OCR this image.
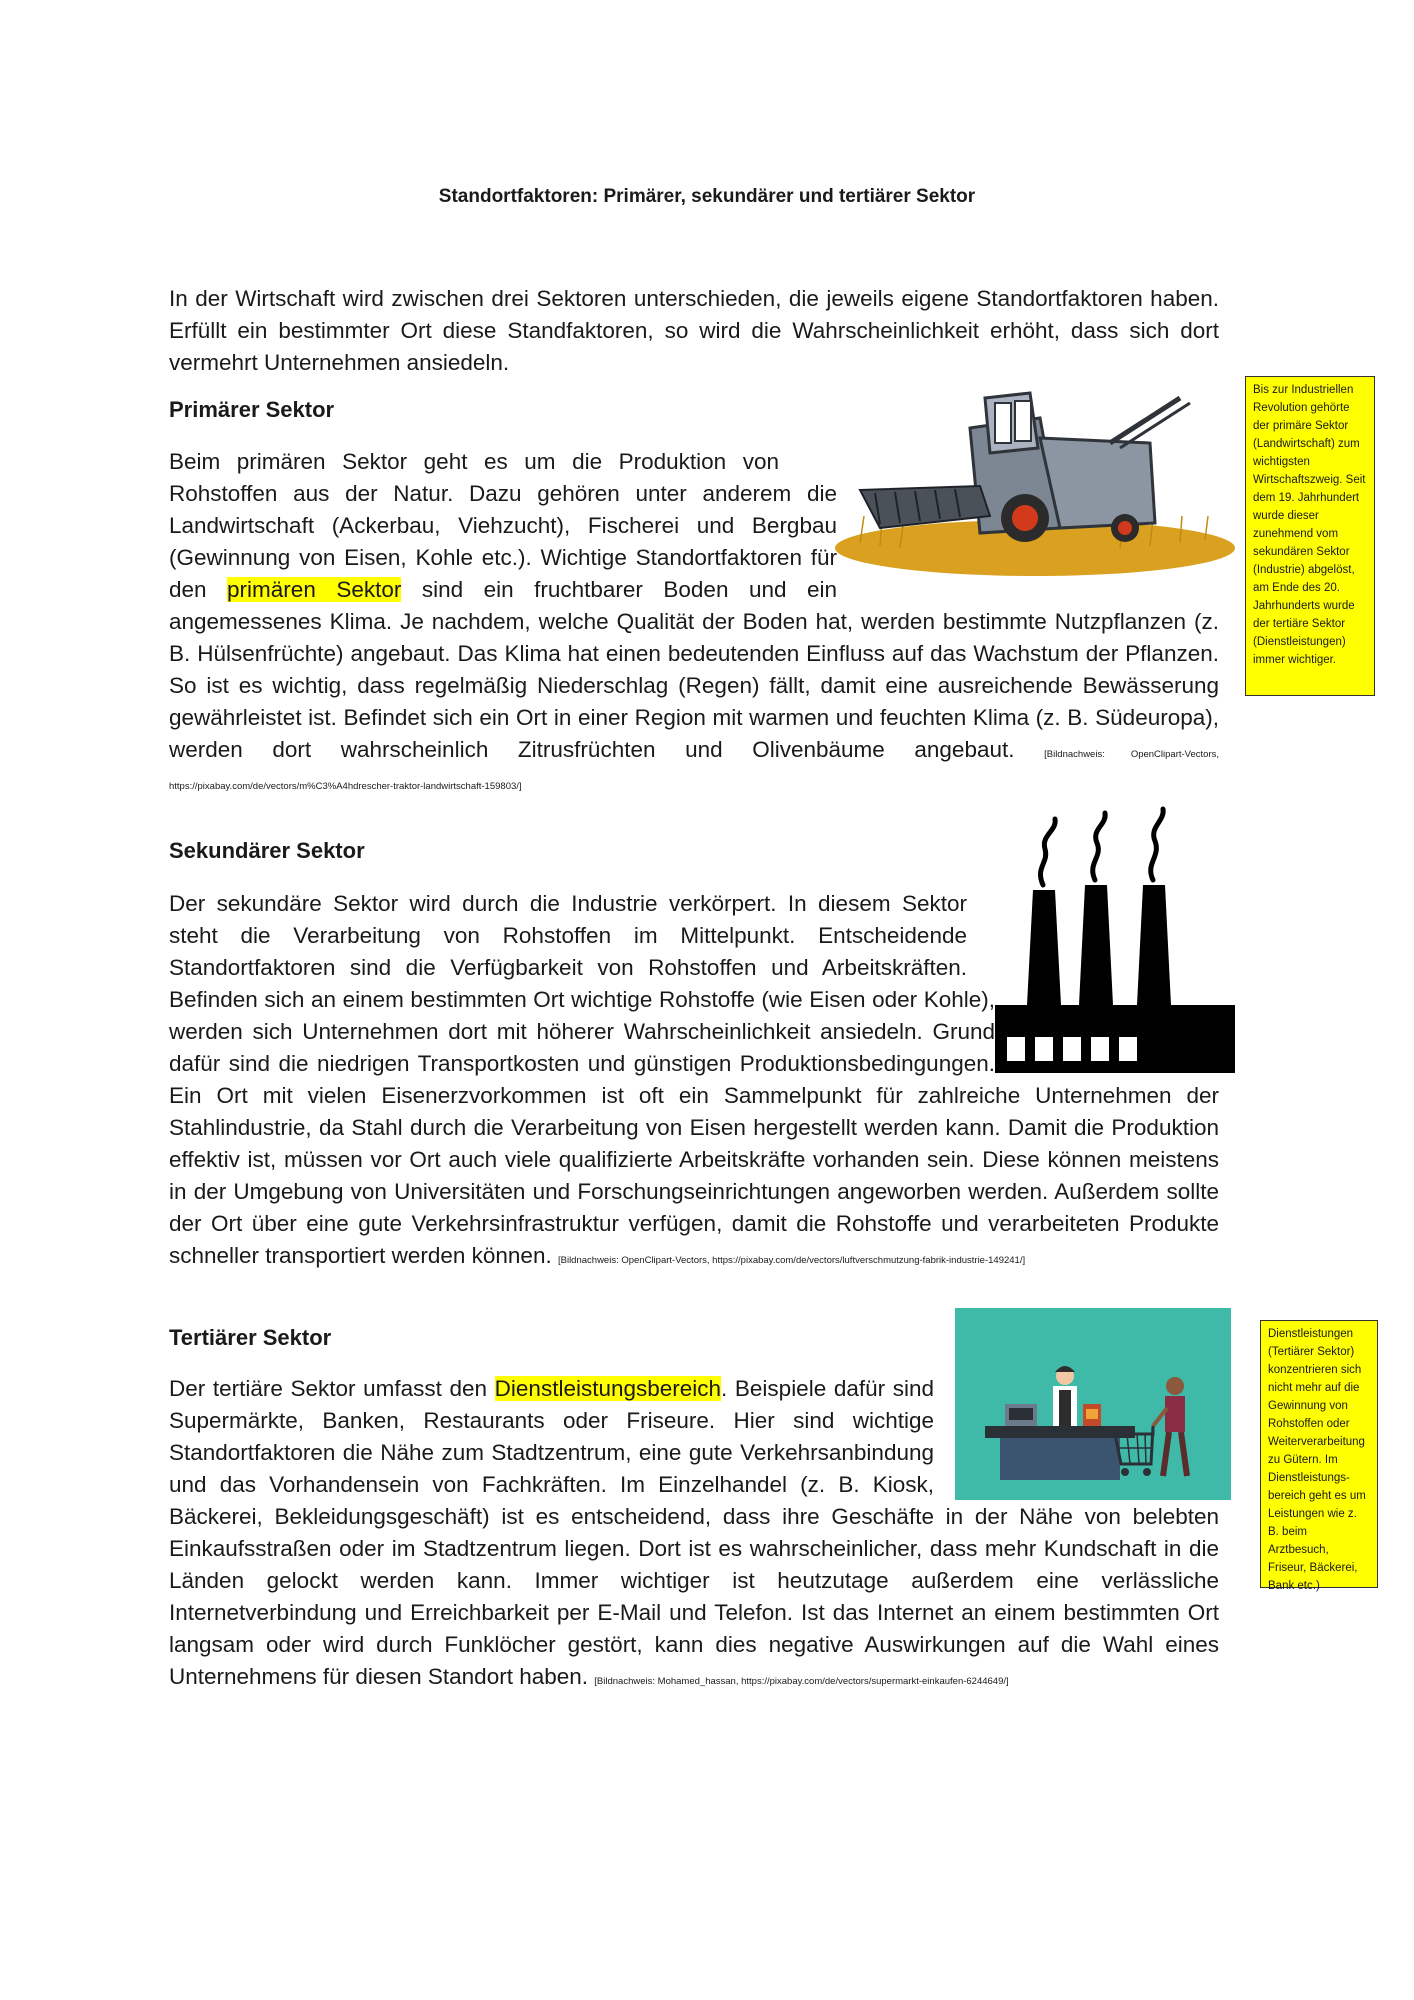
Standortfaktoren: Primärer, sekundärer und tertiärer Sektor

In der Wirtschaft wird zwischen drei Sektoren unterschieden, die jeweils eigene Standortfaktoren haben. Erfüllt ein bestimmter Ort diese Standfaktoren, so wird die Wahrscheinlichkeit erhöht, dass sich dort vermehrt Unternehmen ansiedeln.

Primärer Sektor

Beim primären Sektor geht es um die Produktion von Rohstoffen aus der Natur. Dazu gehören unter anderem die Landwirtschaft (Ackerbau, Viehzucht), Fischerei und Bergbau (Gewinnung von Eisen, Kohle etc.). Wichtige Standortfaktoren für den primären Sektor sind ein fruchtbarer Boden und ein angemessenes Klima. Je nachdem, welche Qualität der Boden hat, werden bestimmte Nutzpflanzen (z. B. Hülsenfrüchte) angebaut. Das Klima hat einen bedeutenden Einfluss auf das Wachstum der Pflanzen. So ist es wichtig, dass regelmäßig Niederschlag (Regen) fällt, damit eine ausreichende Bewässerung gewährleistet ist. Befindet sich ein Ort in einer Region mit warmen und feuchten Klima (z. B. Südeuropa), werden dort wahrscheinlich Zitrusfrüchten und Olivenbäume angebaut.	[Bildnachweis: OpenClipart-Vectors, https://pixabay.com/de/vectors/m%C3%A4hdrescher-traktor-landwirtschaft-159803/]

Bis zur Industriellen Revolution gehörte der primäre Sektor (Landwirtschaft) zum wichtigsten Wirtschaftszweig. Seit dem 19. Jahrhundert wurde dieser zunehmend vom sekundären Sektor (Industrie) abgelöst, am Ende des 20. Jahrhunderts wurde der tertiäre Sektor (Dienstleistungen) immer wichtiger.
Sekundärer Sektor

Der sekundäre Sektor wird durch die Industrie verkörpert. In diesem Sektor steht die Verarbeitung von Rohstoffen im Mittelpunkt. Entscheidende Standortfaktoren sind die Verfügbarkeit von Rohstoffen und Arbeitskräften. Befinden sich an einem bestimmten Ort wichtige Rohstoffe (wie Eisen oder Kohle), werden sich Unternehmen dort mit höherer Wahrscheinlichkeit ansiedeln. Grund dafür sind die niedrigen Transportkosten und günstigen Produktionsbedingungen. Ein Ort mit vielen Eisenerzvorkommen ist oft ein Sammelpunkt für zahlreiche Unternehmen der Stahlindustrie, da Stahl durch die Verarbeitung von Eisen hergestellt werden kann. Damit die Produktion effektiv ist, müssen vor Ort auch viele qualifizierte Arbeitskräfte vorhanden sein. Diese können meistens in der Umgebung von Universitäten und Forschungseinrichtungen angeworben werden. Außerdem sollte der Ort über eine gute Verkehrsinfrastruktur verfügen, damit die Rohstoffe und verarbeiteten Produkte schneller transportiert werden können. [Bildnachweis: OpenClipart-Vectors, https://pixabay.com/de/vectors/luftverschmutzung-fabrik-industrie-149241/]

Tertiärer Sektor

Der tertiäre Sektor umfasst den Dienstleistungsbereich. Beispiele dafür sind Supermärkte, Banken, Restaurants oder Friseure. Hier sind wichtige Standortfaktoren die Nähe zum Stadtzentrum, eine gute Verkehrsanbindung und das Vorhandensein von Fachkräften. Im Einzelhandel (z. B. Kiosk, Bäckerei, Bekleidungsgeschäft) ist es entscheidend, dass ihre Geschäfte in der Nähe von belebten Einkaufsstraßen oder im Stadtzentrum liegen. Dort ist es wahrscheinlicher, dass mehr Kundschaft in die Länden gelockt werden kann. Immer wichtiger ist heutzutage außerdem eine verlässliche Internetverbindung und Erreichbarkeit per E-Mail und Telefon. Ist das Internet an einem bestimmten Ort langsam oder wird durch Funklöcher gestört, kann dies negative Auswirkungen auf die Wahl eines Unternehmens für diesen Standort haben. [Bildnachweis: Mohamed_hassan, https://pixabay.com/de/vectors/supermarkt-einkaufen-6244649/]

Dienstleistungen (Tertiärer Sektor) konzentrieren sich nicht mehr auf die Gewinnung von Rohstoffen oder Weiterverarbeitung zu Gütern. Im Dienstleistungs-bereich geht es um Leistungen wie z. B. beim Arztbesuch, Friseur, Bäckerei, Bank etc.)
